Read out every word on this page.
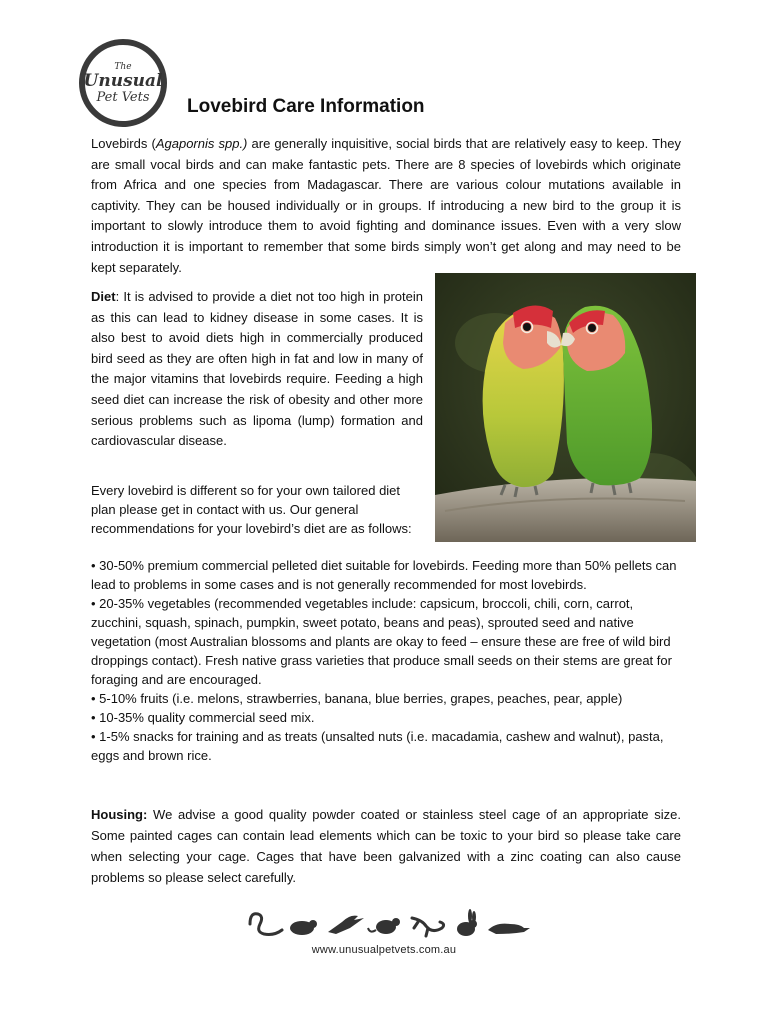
The
Unusual
Pet Vets Lovebird Care Information

Lovebirds (Agapornis spp.) are generally inquisitive, social birds that are relatively easy to keep. They are small vocal birds and can make fantastic pets. There are 8 species of lovebirds which originate from Africa and one species from Madagascar. There are various colour mutations available in captivity. They can be housed individually or in groups. If introducing a new bird to the group it is important to slowly introduce them to avoid fighting and dominance issues. Even with a very slow introduction it is important to remember that some birds simply won’t get along and may need to be kept separately.

Diet: It is advised to provide a diet not too high in protein as this can lead to kidney disease in some cases. It is also best to avoid diets high in commercially produced bird seed as they are often high in fat and low in many of the major vitamins that lovebirds require. Feeding a high seed diet can increase the risk of obesity and other more serious problems such as lipoma (lump) formation and cardiovascular disease.

Every lovebird is different so for your own tailored diet plan please get in contact with us. Our general recommendations for your lovebird’s diet are as follows:

• 30-50% premium commercial pelleted diet suitable for lovebirds. Feeding more than 50% pellets can lead to problems in some cases and is not generally recommended for most lovebirds.
• 20-35% vegetables (recommended vegetables include: capsicum, broccoli, chili, corn, carrot, zucchini, squash, spinach, pumpkin, sweet potato, beans and peas), sprouted seed and native vegetation (most Australian blossoms and plants are okay to feed – ensure these are free of wild bird droppings contact). Fresh native grass varieties that produce small seeds on their stems are great for foraging and are encouraged.
• 5-10% fruits (i.e. melons, strawberries, banana, blue berries, grapes, peaches, pear, apple)
• 10-35% quality commercial seed mix.
• 1-5% snacks for training and as treats (unsalted nuts (i.e. macadamia, cashew and walnut), pasta, eggs and brown rice.

Housing: We advise a good quality powder coated or stainless steel cage of an appropriate size. Some painted cages can contain lead elements which can be toxic to your bird so please take care when selecting your cage. Cages that have been galvanized with a zinc coating can also cause problems so please select carefully.

www.unusualpetvets.com.au
